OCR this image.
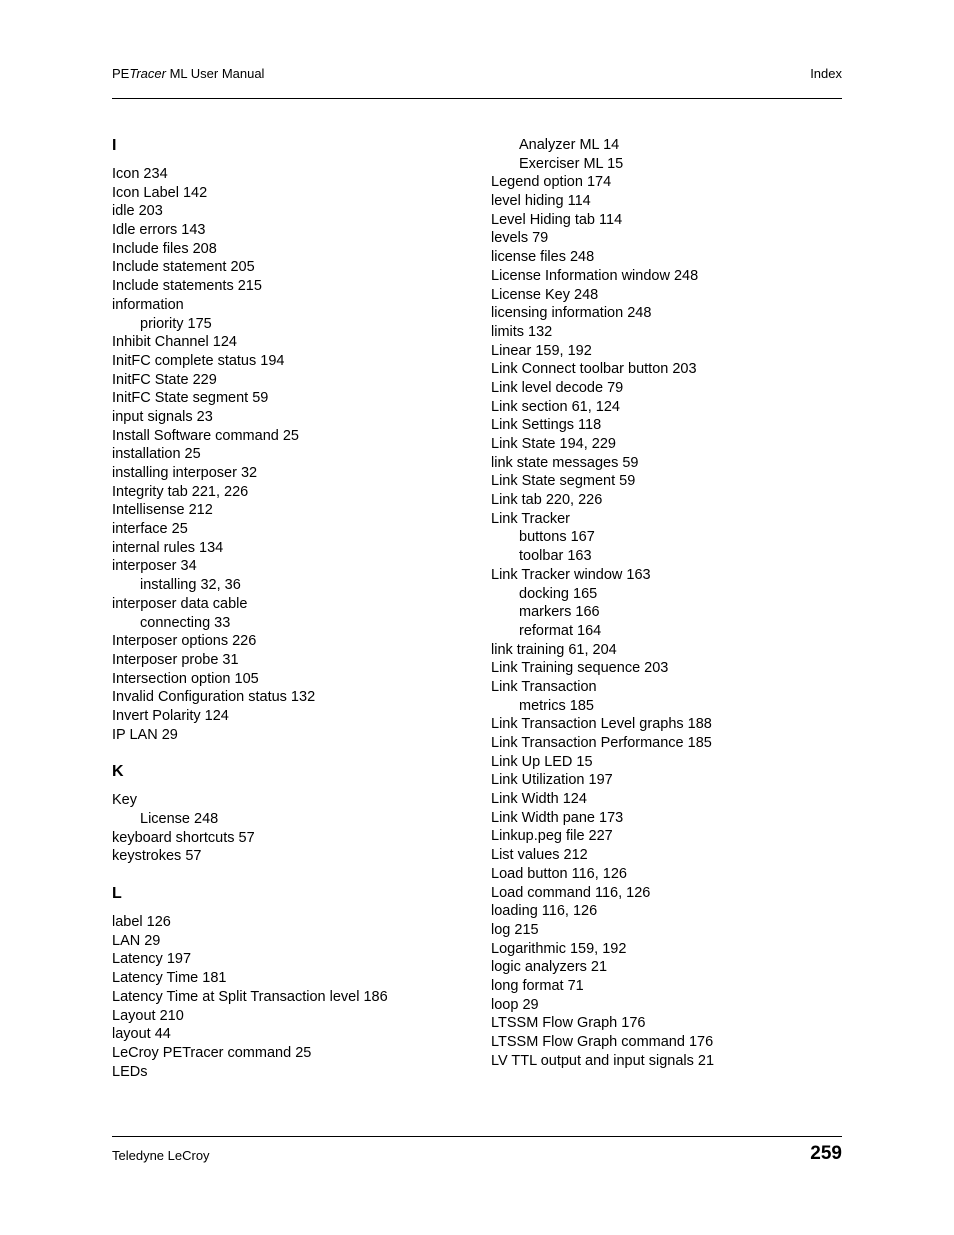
PETracer ML User Manual	Index
I
Icon 234
Icon Label 142
idle 203
Idle errors 143
Include files 208
Include statement 205
Include statements 215
information
priority 175
Inhibit Channel 124
InitFC complete status 194
InitFC State 229
InitFC State segment 59
input signals 23
Install Software command 25
installation 25
installing interposer 32
Integrity tab 221, 226
Intellisense 212
interface 25
internal rules 134
interposer 34
installing 32, 36
interposer data cable
connecting 33
Interposer options 226
Interposer probe 31
Intersection option 105
Invalid Configuration status 132
Invert Polarity 124
IP LAN 29
K
Key
License 248
keyboard shortcuts 57
keystrokes 57
L
label 126
LAN 29
Latency 197
Latency Time 181
Latency Time at Split Transaction level 186
Layout 210
layout 44
LeCroy PETracer command 25
LEDs
Analyzer ML 14
Exerciser ML 15
Legend option 174
level hiding 114
Level Hiding tab 114
levels 79
license files 248
License Information window 248
License Key 248
licensing information 248
limits 132
Linear 159, 192
Link Connect toolbar button 203
Link level decode 79
Link section 61, 124
Link Settings 118
Link State 194, 229
link state messages 59
Link State segment 59
Link tab 220, 226
Link Tracker
buttons 167
toolbar 163
Link Tracker window 163
docking 165
markers 166
reformat 164
link training 61, 204
Link Training sequence 203
Link Transaction
metrics 185
Link Transaction Level graphs 188
Link Transaction Performance 185
Link Up LED 15
Link Utilization 197
Link Width 124
Link Width pane 173
Linkup.peg file 227
List values 212
Load button 116, 126
Load command 116, 126
loading 116, 126
log 215
Logarithmic 159, 192
logic analyzers 21
long format 71
loop 29
LTSSM Flow Graph 176
LTSSM Flow Graph command 176
LV TTL output and input signals 21
Teledyne LeCroy	259
